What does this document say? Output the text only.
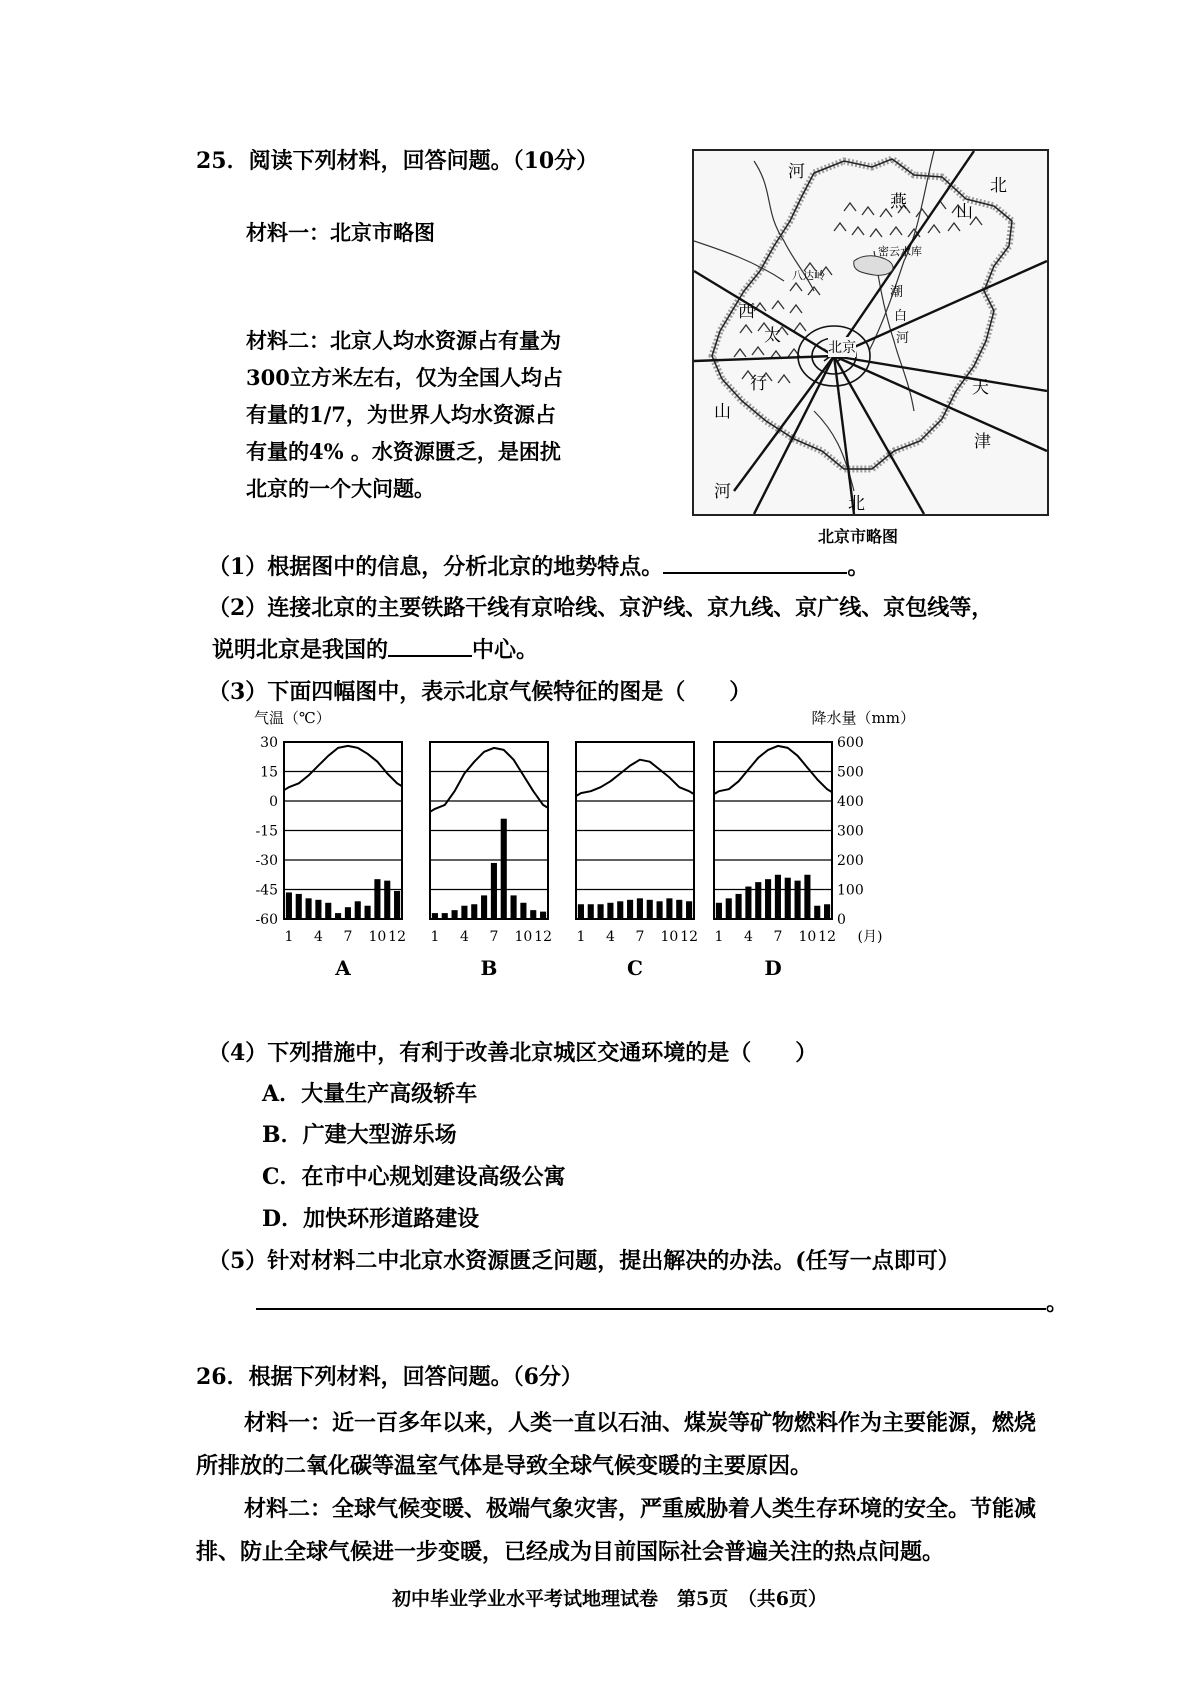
25．阅读下列材料，回答问题。（10分）
材料一：北京市略图
材料二：北京人均水资源占有量为
300立方米左右，仅为全国人均占
有量的1/7，为世界人均水资源占
有量的4% 。水资源匮乏，是困扰
北京的一个大问题。
河
北
燕	山
密云水库
八达岭
潮
白
河
北京
西
太
行
山
天
津
河
北
北京市略图
（1）根据图中的信息，分析北京的地势特点。	。
（2）连接北京的主要铁路干线有京哈线、京沪线、京九线、京广线、京包线等，
说明北京是我国的	中心。
（3）下面四幅图中，表示北京气候特征的图是（　　）
气温（℃）	降水量（mm）
30
15
0
-15
-30
-45
-60
600
500
400
300
200
100
0
1 4 7 10 12
A
1 4 7 10 12
B
1 4 7 10 12
C
1 4 7 10 12
D
(月)
（4）下列措施中，有利于改善北京城区交通环境的是（　　）
A．大量生产高级轿车
B．广建大型游乐场
C．在市中心规划建设高级公寓
D．加快环形道路建设
（5）针对材料二中北京水资源匮乏问题，提出解决的办法。(任写一点即可）
。
26．根据下列材料，回答问题。（6分）
材料一：近一百多年以来，人类一直以石油、煤炭等矿物燃料作为主要能源，燃烧
所排放的二氧化碳等温室气体是导致全球气候变暖的主要原因。
材料二：全球气候变暖、极端气象灾害，严重威胁着人类生存环境的安全。节能减
排、防止全球气候进一步变暖，已经成为目前国际社会普遍关注的热点问题。
初中毕业学业水平考试地理试卷　第5页　（共6页）
